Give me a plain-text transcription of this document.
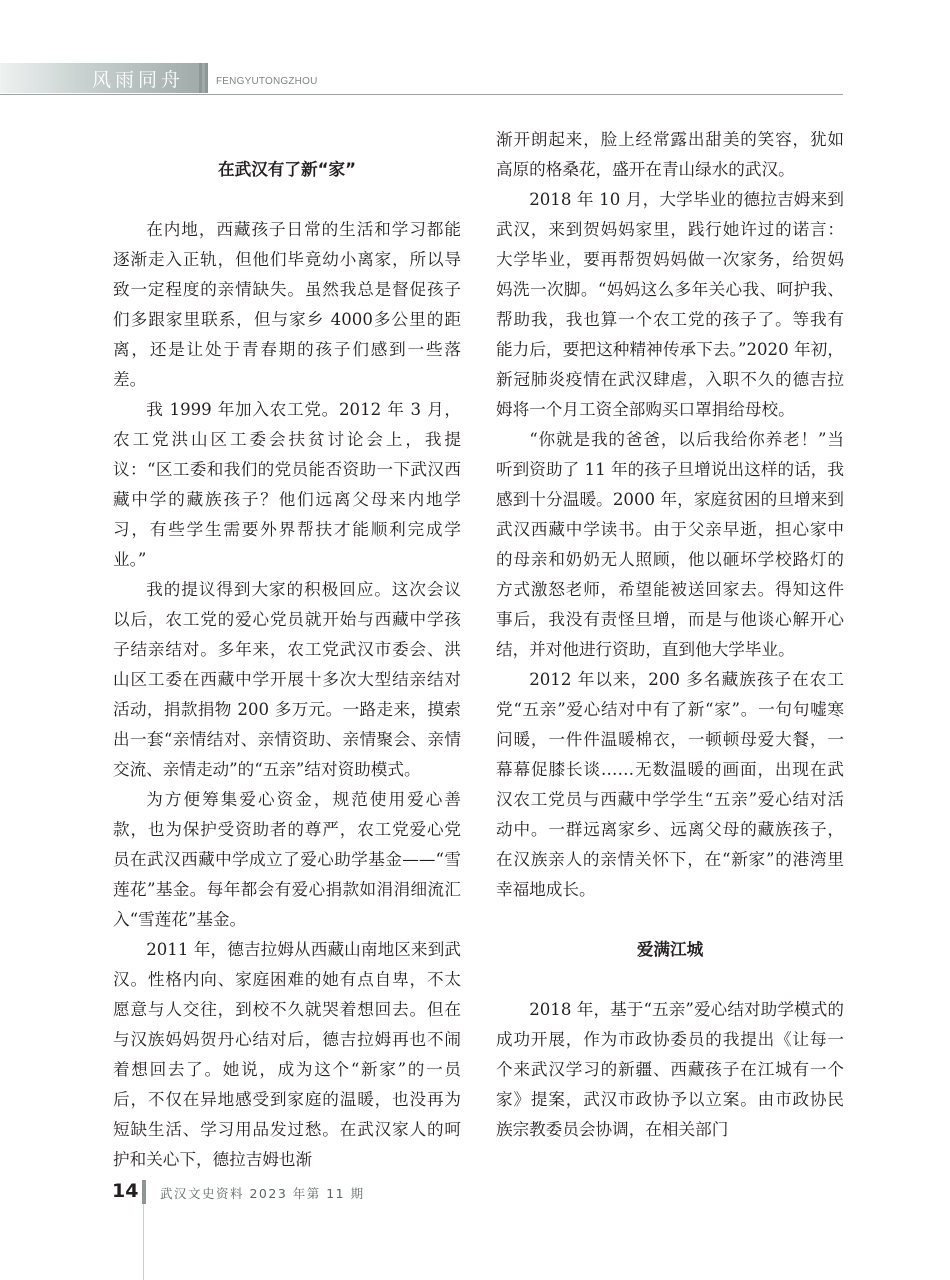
风雨同舟	FENGYUTONGZHOU
在武汉有了新“家”

在内地，西藏孩子日常的生活和学习都能逐渐走入正轨，但他们毕竟幼小离家，所以导致一定程度的亲情缺失。虽然我总是督促孩子们多跟家里联系，但与家乡 4000多公里的距离，还是让处于青春期的孩子们感到一些落差。

我 1999 年加入农工党。2012 年 3 月，农工党洪山区工委会扶贫讨论会上，我提议：“区工委和我们的党员能否资助一下武汉西藏中学的藏族孩子？他们远离父母来内地学习，有些学生需要外界帮扶才能顺利完成学业。”

我的提议得到大家的积极回应。这次会议以后，农工党的爱心党员就开始与西藏中学孩子结亲结对。多年来，农工党武汉市委会、洪山区工委在西藏中学开展十多次大型结亲结对活动，捐款捐物 200 多万元。一路走来，摸索出一套“亲情结对、亲情资助、亲情聚会、亲情交流、亲情走动”的“五亲”结对资助模式。

为方便筹集爱心资金，规范使用爱心善款，也为保护受资助者的尊严，农工党爱心党员在武汉西藏中学成立了爱心助学基金——“雪莲花”基金。每年都会有爱心捐款如涓涓细流汇入“雪莲花”基金。

2011 年，德吉拉姆从西藏山南地区来到武汉。性格内向、家庭困难的她有点自卑，不太愿意与人交往，到校不久就哭着想回去。但在与汉族妈妈贺丹心结对后，德吉拉姆再也不闹着想回去了。她说，成为这个“新家”的一员后，不仅在异地感受到家庭的温暖，也没再为短缺生活、学习用品发过愁。在武汉家人的呵护和关心下，德拉吉姆也渐

渐开朗起来，脸上经常露出甜美的笑容，犹如高原的格桑花，盛开在青山绿水的武汉。

2018 年 10 月，大学毕业的德拉吉姆来到武汉，来到贺妈妈家里，践行她许过的诺言：大学毕业，要再帮贺妈妈做一次家务，给贺妈妈洗一次脚。“妈妈这么多年关心我、呵护我、帮助我，我也算一个农工党的孩子了。等我有能力后，要把这种精神传承下去。”2020 年初，新冠肺炎疫情在武汉肆虐，入职不久的德吉拉姆将一个月工资全部购买口罩捐给母校。

“你就是我的爸爸，以后我给你养老！”当听到资助了 11 年的孩子旦增说出这样的话，我感到十分温暖。2000 年，家庭贫困的旦增来到武汉西藏中学读书。由于父亲早逝，担心家中的母亲和奶奶无人照顾，他以砸坏学校路灯的方式激怒老师，希望能被送回家去。得知这件事后，我没有责怪旦增，而是与他谈心解开心结，并对他进行资助，直到他大学毕业。

2012 年以来，200 多名藏族孩子在农工党“五亲”爱心结对中有了新“家”。一句句嘘寒问暖，一件件温暖棉衣，一顿顿母爱大餐，一幕幕促膝长谈……无数温暖的画面，出现在武汉农工党员与西藏中学学生“五亲”爱心结对活动中。一群远离家乡、远离父母的藏族孩子，在汉族亲人的亲情关怀下，在“新家”的港湾里幸福地成长。

爱满江城

2018 年，基于“五亲”爱心结对助学模式的成功开展，作为市政协委员的我提出《让每一个来武汉学习的新疆、西藏孩子在江城有一个家》提案，武汉市政协予以立案。由市政协民族宗教委员会协调，在相关部门

14 武汉文史资料 2023 年第 11 期
